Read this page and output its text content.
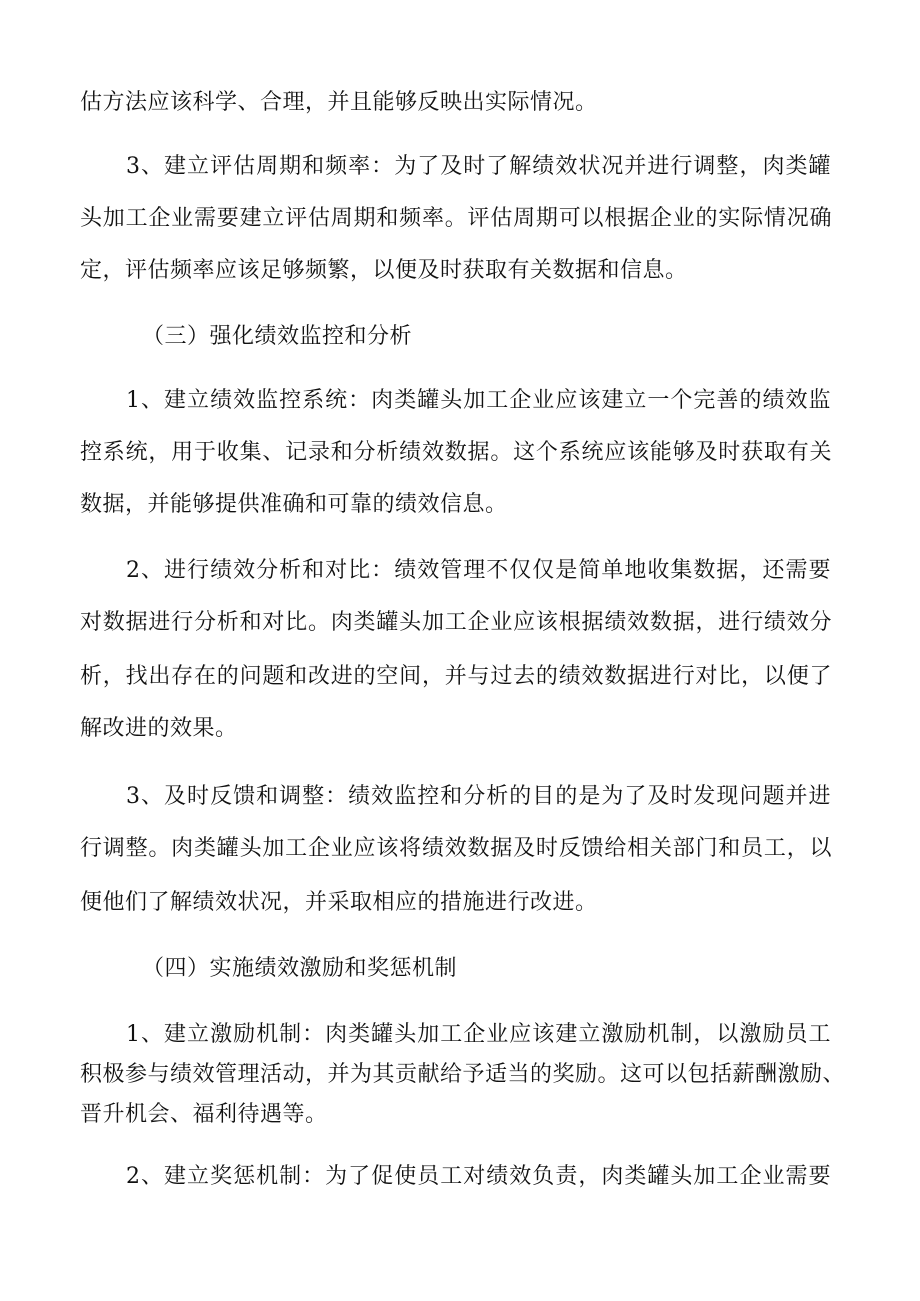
估方法应该科学、合理，并且能够反映出实际情况。
3、建立评估周期和频率：为了及时了解绩效状况并进行调整，肉类罐
头加工企业需要建立评估周期和频率。评估周期可以根据企业的实际情况确
定，评估频率应该足够频繁，以便及时获取有关数据和信息。
（三）强化绩效监控和分析
1、建立绩效监控系统：肉类罐头加工企业应该建立一个完善的绩效监
控系统，用于收集、记录和分析绩效数据。这个系统应该能够及时获取有关
数据，并能够提供准确和可靠的绩效信息。
2、进行绩效分析和对比：绩效管理不仅仅是简单地收集数据，还需要
对数据进行分析和对比。肉类罐头加工企业应该根据绩效数据，进行绩效分
析，找出存在的问题和改进的空间，并与过去的绩效数据进行对比，以便了
解改进的效果。
3、及时反馈和调整：绩效监控和分析的目的是为了及时发现问题并进
行调整。肉类罐头加工企业应该将绩效数据及时反馈给相关部门和员工，以
便他们了解绩效状况，并采取相应的措施进行改进。
（四）实施绩效激励和奖惩机制
1、建立激励机制：肉类罐头加工企业应该建立激励机制，以激励员工
积极参与绩效管理活动，并为其贡献给予适当的奖励。这可以包括薪酬激励、
晋升机会、福利待遇等。
2、建立奖惩机制：为了促使员工对绩效负责，肉类罐头加工企业需要
